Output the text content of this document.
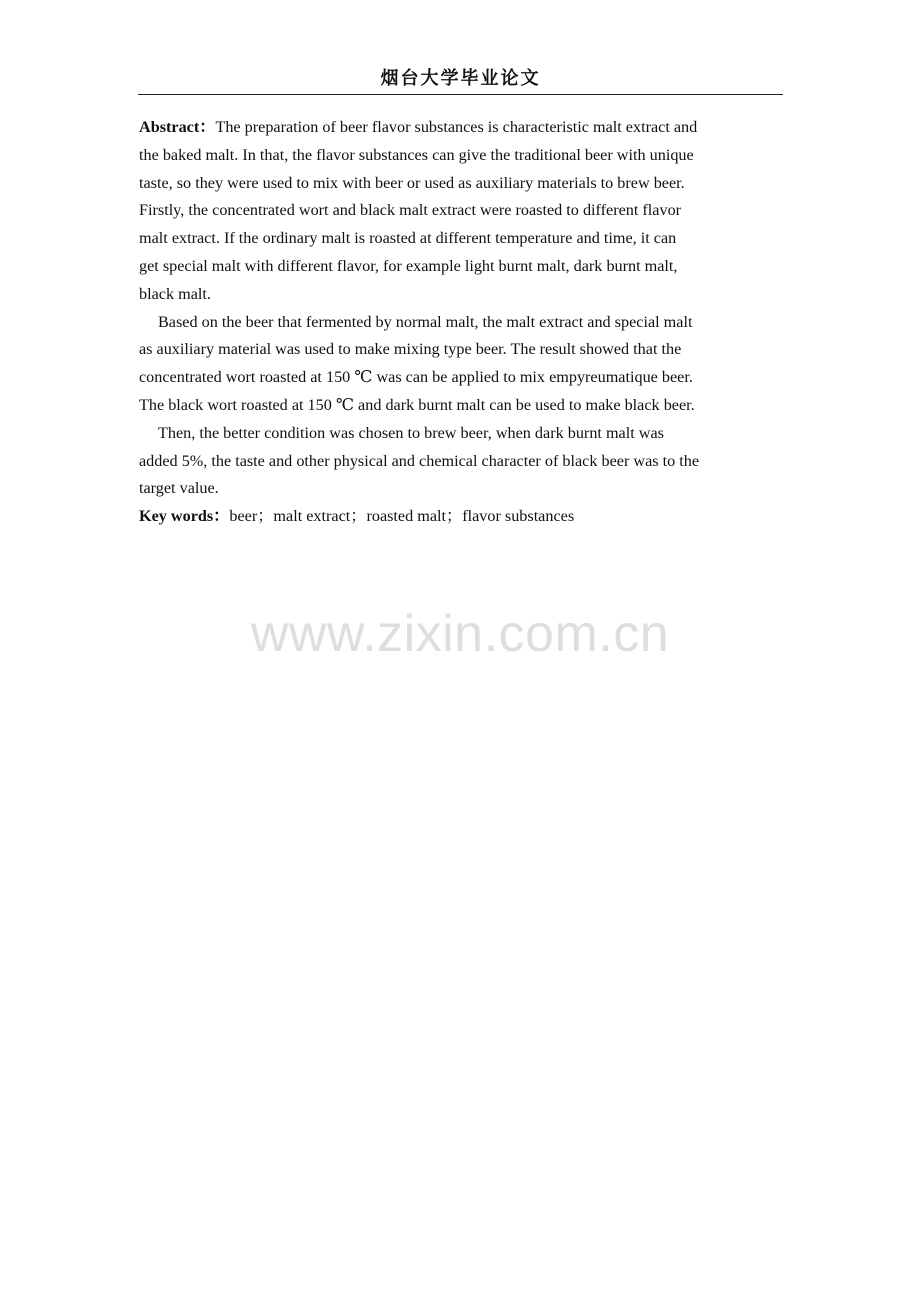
烟台大学毕业论文

Abstract：The preparation of beer flavor substances is characteristic malt extract and
the baked malt. In that, the flavor substances can give the traditional beer with unique
taste, so they were used to mix with beer or used as auxiliary materials to brew beer.
Firstly, the concentrated wort and black malt extract were roasted to different flavor
malt extract. If the ordinary malt is roasted at different temperature and time, it can
get special malt with different flavor, for example light burnt malt, dark burnt malt,
black malt.

Based on the beer that fermented by normal malt, the malt extract and special malt
as auxiliary material was used to make mixing type beer. The result showed that the
concentrated wort roasted at 150 ℃ was can be applied to mix empyreumatique beer.
The black wort roasted at 150 ℃ and dark burnt malt can be used to make black beer.

Then, the better condition was chosen to brew beer, when dark burnt malt was
added 5%, the taste and other physical and chemical character of black beer was to the
target value.

Key words：beer；malt extract；roasted malt；flavor substances

www.zixin.com.cn
